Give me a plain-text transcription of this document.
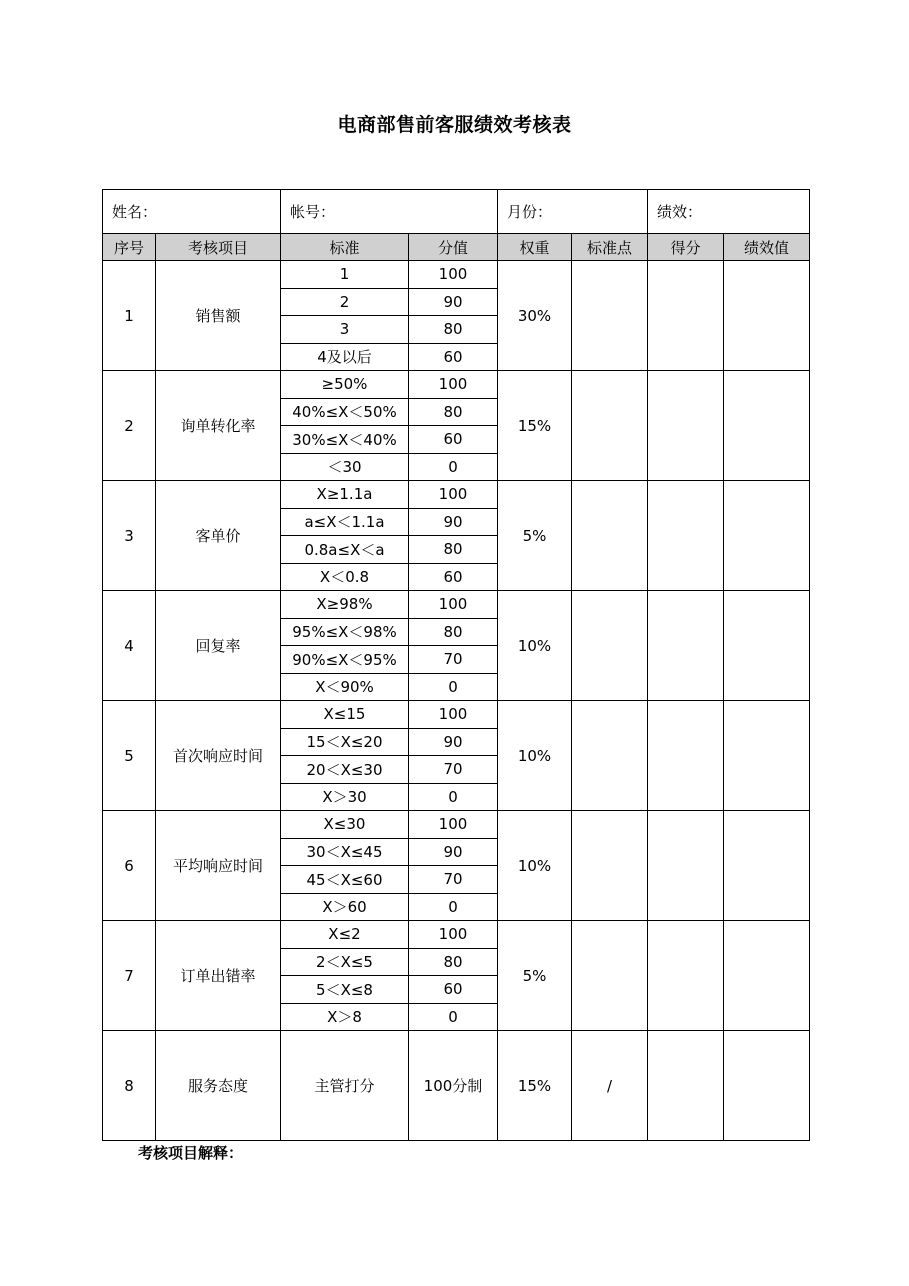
电商部售前客服绩效考核表
姓名：		帐号：		月份：		绩效：	
序号	考核项目	标准	分值	权重	标准点	得分	绩效值
1	销售额	1	100	30%			
		2	90				
		3	80				
		4及以后	60				
2	询单转化率	≥50%	100	15%			
		40%≤X＜50%	80				
		30%≤X＜40%	60				
		＜30	0				
3	客单价	X≥1.1a	100	5%			
		a≤X＜1.1a	90				
		0.8a≤X＜a	80				
		X＜0.8	60				
4	回复率	X≥98%	100	10%			
		95%≤X＜98%	80				
		90%≤X＜95%	70				
		X＜90%	0				
5	首次响应时间	X≤15	100	10%			
		15＜X≤20	90				
		20＜X≤30	70				
		X＞30	0				
6	平均响应时间	X≤30	100	10%			
		30＜X≤45	90				
		45＜X≤60	70				
		X＞60	0				
7	订单出错率	X≤2	100	5%			
		2＜X≤5	80				
		5＜X≤8	60				
		X＞8	0				
8	服务态度	主管打分	100分制	15%	/		
考核项目解释：
